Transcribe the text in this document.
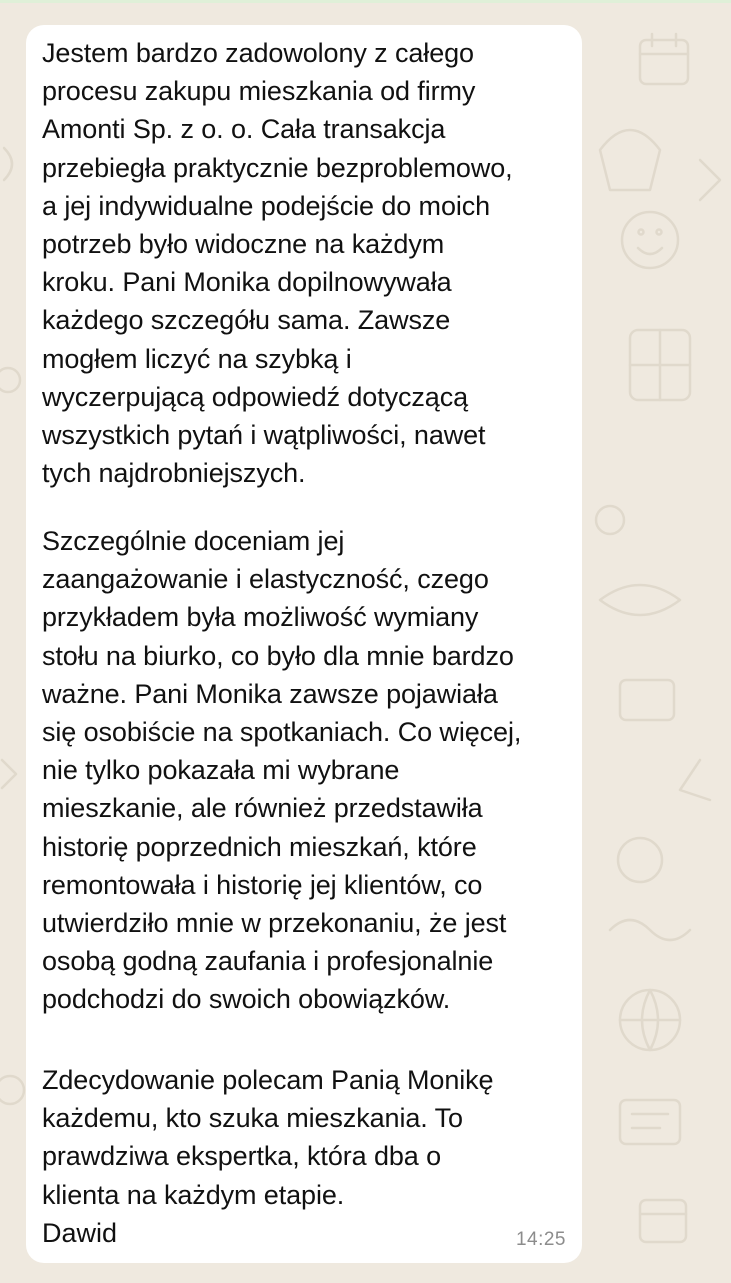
Jestem bardzo zadowolony z całego
procesu zakupu mieszkania od firmy
Amonti Sp. z o. o. Cała transakcja
przebiegła praktycznie bezproblemowo,
a jej indywidualne podejście do moich
potrzeb było widoczne na każdym
kroku. Pani Monika dopilnowywała
każdego szczegółu sama. Zawsze
mogłem liczyć na szybką i
wyczerpującą odpowiedź dotyczącą
wszystkich pytań i wątpliwości, nawet
tych najdrobniejszych.

Szczególnie doceniam jej
zaangażowanie i elastyczność, czego
przykładem była możliwość wymiany
stołu na biurko, co było dla mnie bardzo
ważne. Pani Monika zawsze pojawiała
się osobiście na spotkaniach. Co więcej,
nie tylko pokazała mi wybrane
mieszkanie, ale również przedstawiła
historię poprzednich mieszkań, które
remontowała i historię jej klientów, co
utwierdziło mnie w przekonaniu, że jest
osobą godną zaufania i profesjonalnie
podchodzi do swoich obowiązków.

Zdecydowanie polecam Panią Monikę
każdemu, kto szuka mieszkania. To
prawdziwa ekspertka, która dba o
klienta na każdym etapie.

Dawid	14:25
